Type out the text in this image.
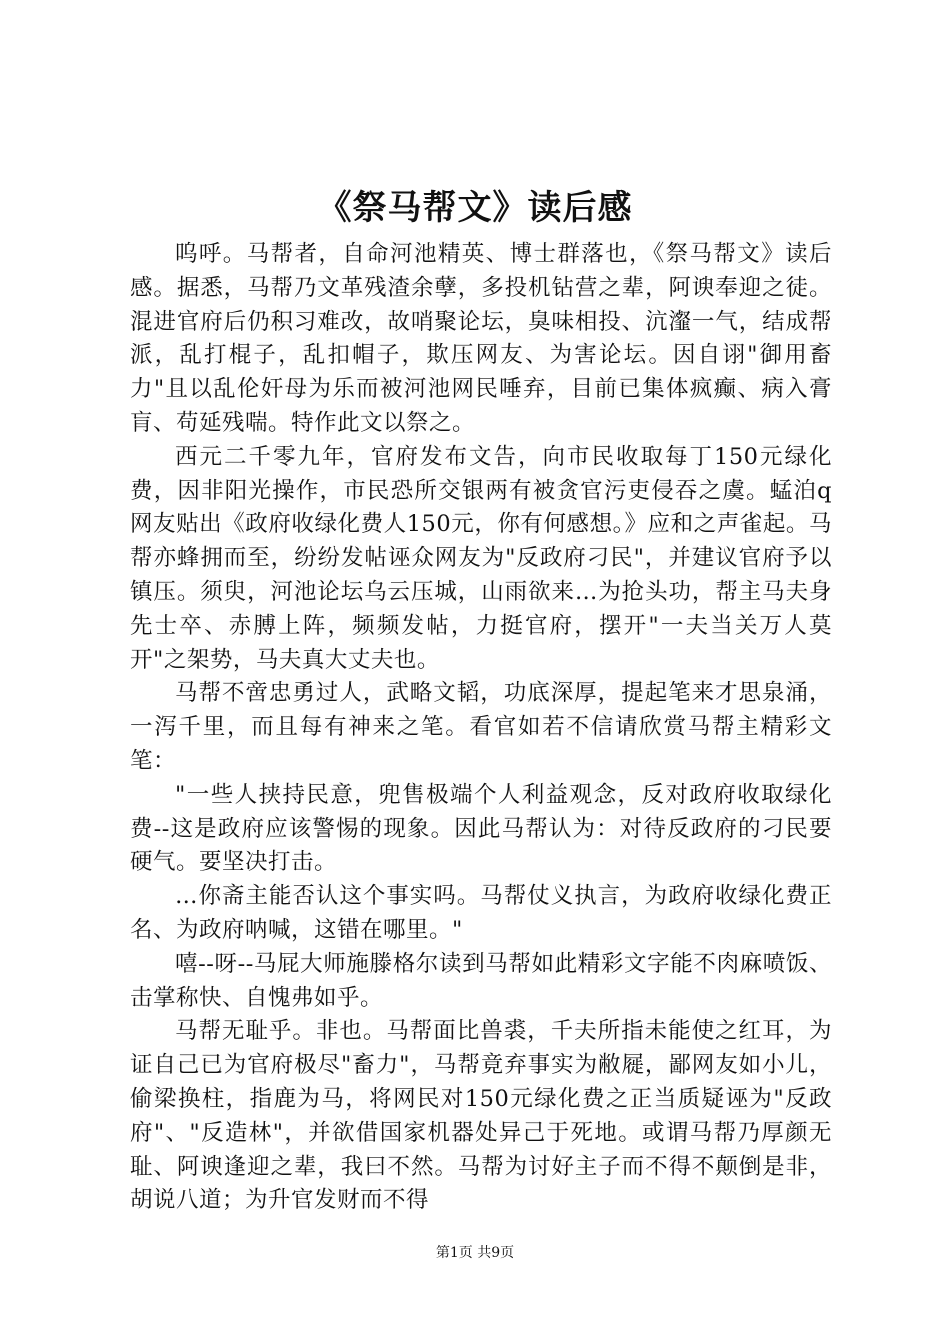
《祭马帮文》读后感

呜呼。马帮者，自命河池精英、博士群落也，《祭马帮文》读后感。据悉，马帮乃文革残渣余孽，多投机钻营之辈，阿谀奉迎之徒。混进官府后仍积习难改，故哨聚论坛，臭味相投、沆瀣一气，结成帮派，乱打棍子，乱扣帽子，欺压网友、为害论坛。因自诩"御用畜力"且以乱伦奸母为乐而被河池网民唾弃，目前已集体疯癫、病入膏肓、苟延残喘。特作此文以祭之。

西元二千零九年，官府发布文告，向市民收取每丁150元绿化费，因非阳光操作，市民恐所交银两有被贪官污吏侵吞之虞。蜢泊q网友贴出《政府收绿化费人150元，你有何感想。》应和之声雀起。马帮亦蜂拥而至，纷纷发帖诬众网友为"反政府刁民"，并建议官府予以镇压。须臾，河池论坛乌云压城，山雨欲来…为抢头功，帮主马夫身先士卒、赤膊上阵，频频发帖，力挺官府，摆开"一夫当关万人莫开"之架势，马夫真大丈夫也。

马帮不啻忠勇过人，武略文韬，功底深厚，提起笔来才思泉涌，一泻千里，而且每有神来之笔。看官如若不信请欣赏马帮主精彩文笔：

"一些人挟持民意，兜售极端个人利益观念，反对政府收取绿化费--这是政府应该警惕的现象。因此马帮认为：对待反政府的刁民要硬气。要坚决打击。

…你斋主能否认这个事实吗。马帮仗义执言，为政府收绿化费正名、为政府呐喊，这错在哪里。"

嘻--呀--马屁大师施滕格尔读到马帮如此精彩文字能不肉麻喷饭、击掌称快、自愧弗如乎。

马帮无耻乎。非也。马帮面比兽裘，千夫所指未能使之红耳，为证自己已为官府极尽"畜力"，马帮竟弃事实为敝屣，鄙网友如小儿，偷梁换柱，指鹿为马，将网民对150元绿化费之正当质疑诬为"反政府"、"反造林"，并欲借国家机器处异己于死地。或谓马帮乃厚颜无耻、阿谀逢迎之辈，我曰不然。马帮为讨好主子而不得不颠倒是非，胡说八道；为升官发财而不得

第1页 共9页
